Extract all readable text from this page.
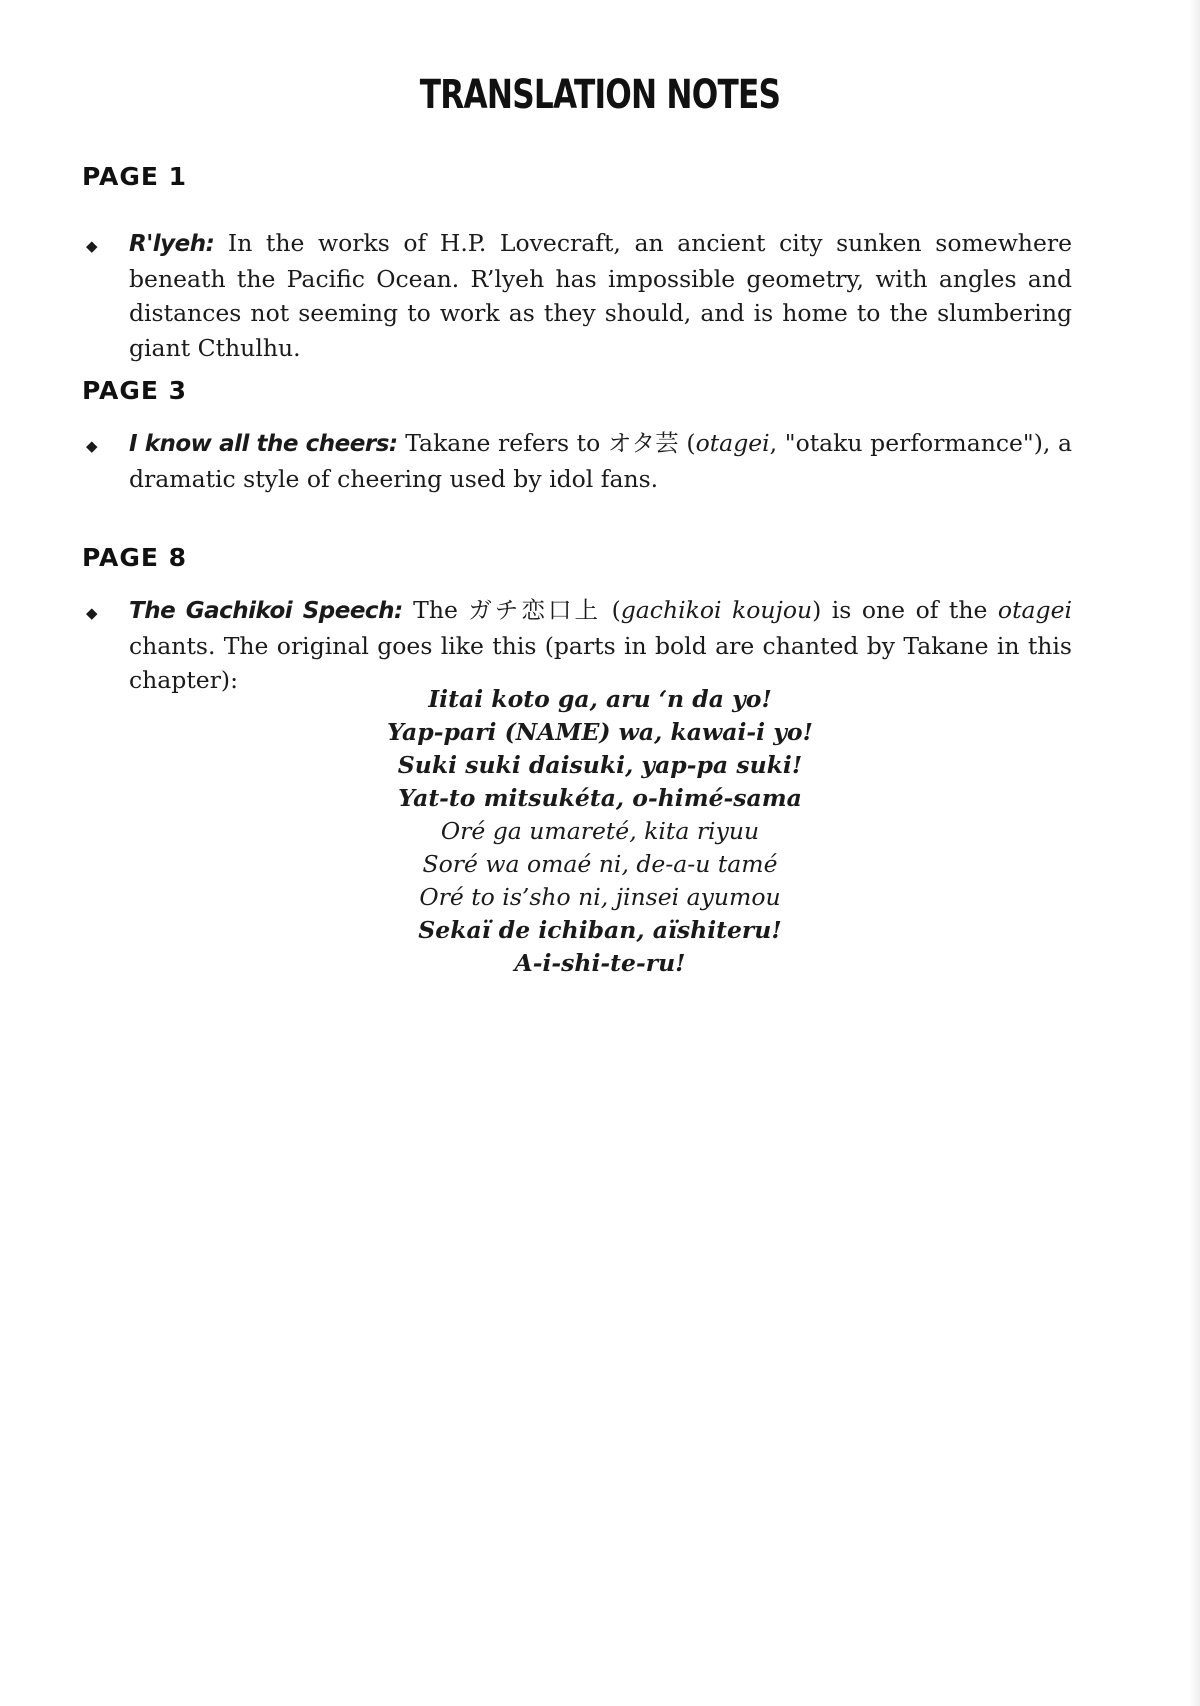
TRANSLATION NOTES
PAGE 1
◆ R'lyeh: In the works of H.P. Lovecraft, an ancient city sunken somewhere beneath the Pacific Ocean. R’lyeh has impossible geometry, with angles and distances not seeming to work as they should, and is home to the slumbering giant Cthulhu.
PAGE 3
◆ I know all the cheers: Takane refers to オタ芸 (otagei, "otaku performance"), a dramatic style of cheering used by idol fans.
PAGE 8
◆ The Gachikoi Speech: The ガチ恋口上 (gachikoi koujou) is one of the otagei chants. The original goes like this (parts in bold are chanted by Takane in this chapter):
Iitai koto ga, aru ‘n da yo!
Yap-pari (NAME) wa, kawai-i yo!
Suki suki daisuki, yap-pa suki!
Yat-to mitsukéta, o-himé-sama
Oré ga umareté, kita riyuu
Soré wa omaé ni, de-a-u tamé
Oré to is’sho ni, jinsei ayumou
Sekaï de ichiban, aïshiteru!
A-i-shi-te-ru!
